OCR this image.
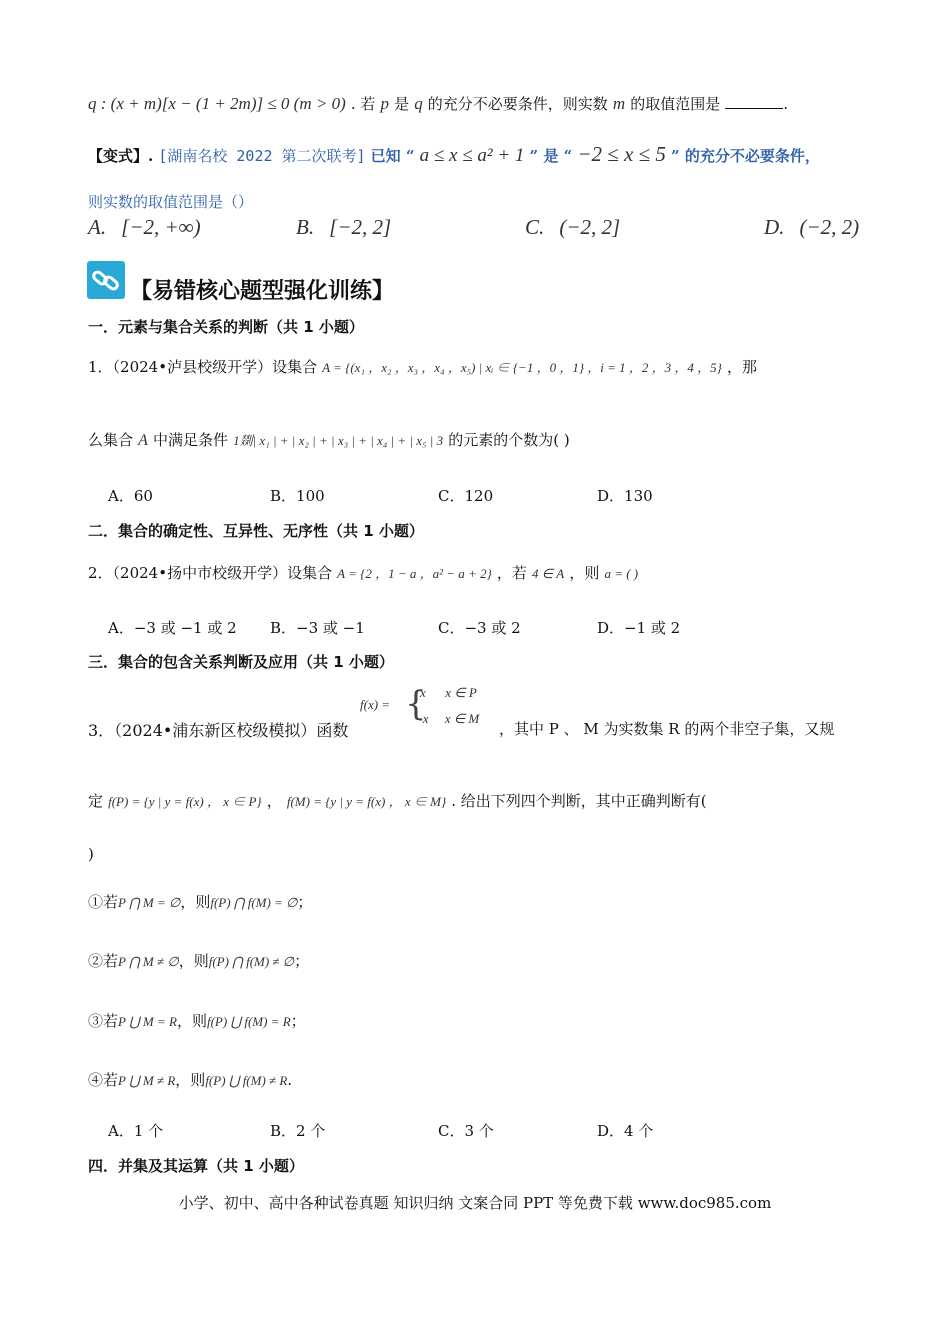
q : (x + m)[x − (1 + 2m)] ≤ 0 (m > 0) . 若 p 是 q 的充分不必要条件，则实数 m 的取值范围是	.
【变式】. [湖南名校 2022 第二次联考] 已知 “ a ≤ x ≤ a² + 1 ” 是 “ −2 ≤ x ≤ 5 ” 的充分不必要条件，
则实数的取值范围是（）
A. [−2, +∞)	B. [−2, 2]	C. (−2, 2]	D. (−2, 2)
【易错核心题型强化训练】
一．元素与集合关系的判断（共 1 小题）
1．（2024•泸县校级开学）设集合 A = {(x₁ ，x₂ ，x₃ ，x₄ ，x₅) | xᵢ ∈ {−1 ，0 ，1} ，i = 1 ，2 ，3 ，4 ，5} ，那
么集合 A 中满足条件 1剟| x₁ | + | x₂ | + | x₃ | + | x₄ | + | x₅ | 3 的元素的个数为( )
A．60	B．100	C．120	D．130
二．集合的确定性、互异性、无序性（共 1 小题）
2．（2024•扬中市校级开学）设集合 A = {2 ，1 − a ，a² − a + 2} ，若 4 ∈ A ，则 a = ( )
A．−3 或 −1 或 2 B．−3 或 −1	C．−3 或 2	D．−1 或 2
三．集合的包含关系判断及应用（共 1 小题）
3．（2024•浦东新区校级模拟）函数
f(x) = {
x      x ∈ P
−x     x ∈ M
，其中 P 、 M 为实数集 R 的两个非空子集，又规
定 f(P) = {y | y = f(x) ， x ∈ P} ， f(M) = {y | y = f(x) ， x ∈ M} . 给出下列四个判断，其中正确判断有(
)
①若P ⋂ M = ∅，则f(P) ⋂ f(M) = ∅；
②若P ⋂ M ≠ ∅，则f(P) ⋂ f(M) ≠ ∅；
③若P ⋃ M = R，则f(P) ⋃ f(M) = R；
④若P ⋃ M ≠ R，则f(P) ⋃ f(M) ≠ R.
A．1 个	B．2 个	C．3 个	D．4 个
四．并集及其运算（共 1 小题）
小学、初中、高中各种试卷真题 知识归纳 文案合同 PPT 等免费下载 www.doc985.com
